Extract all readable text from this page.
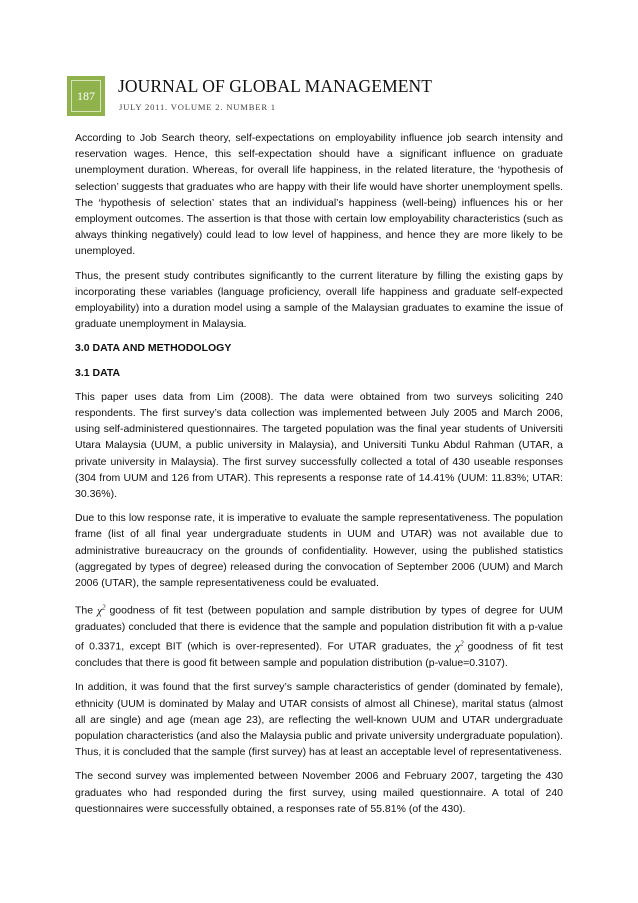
187	JOURNAL OF GLOBAL MANAGEMENT
JULY 2011. VOLUME 2. NUMBER 1

According to Job Search theory, self-expectations on employability influence job search intensity and reservation wages. Hence, this self-expectation should have a significant influence on graduate unemployment duration. Whereas, for overall life happiness, in the related literature, the ‘hypothesis of selection’ suggests that graduates who are happy with their life would have shorter unemployment spells. The ‘hypothesis of selection’ states that an individual’s happiness (well-being) influences his or her employment outcomes. The assertion is that those with certain low employability characteristics (such as always thinking negatively) could lead to low level of happiness, and hence they are more likely to be unemployed.

Thus, the present study contributes significantly to the current literature by filling the existing gaps by incorporating these variables (language proficiency, overall life happiness and graduate self-expected employability) into a duration model using a sample of the Malaysian graduates to examine the issue of graduate unemployment in Malaysia.

3.0 DATA AND METHODOLOGY
3.1 DATA

This paper uses data from Lim (2008). The data were obtained from two surveys soliciting 240 respondents. The first survey’s data collection was implemented between July 2005 and March 2006, using self-administered questionnaires. The targeted population was the final year students of Universiti Utara Malaysia (UUM, a public university in Malaysia), and Universiti Tunku Abdul Rahman (UTAR, a private university in Malaysia). The first survey successfully collected a total of 430 useable responses (304 from UUM and 126 from UTAR). This represents a response rate of 14.41% (UUM: 11.83%; UTAR: 30.36%).

Due to this low response rate, it is imperative to evaluate the sample representativeness. The population frame (list of all final year undergraduate students in UUM and UTAR) was not available due to administrative bureaucracy on the grounds of confidentiality. However, using the published statistics (aggregated by types of degree) released during the convocation of September 2006 (UUM) and March 2006 (UTAR), the sample representativeness could be evaluated.

The $\chi^2$ goodness of fit test (between population and sample distribution by types of degree for UUM graduates) concluded that there is evidence that the sample and population distribution fit with a p-value of 0.3371, except BIT (which is over-represented). For UTAR graduates, the $\chi^2$ goodness of fit test concludes that there is good fit between sample and population distribution (p-value=0.3107).

In addition, it was found that the first survey’s sample characteristics of gender (dominated by female), ethnicity (UUM is dominated by Malay and UTAR consists of almost all Chinese), marital status (almost all are single) and age (mean age 23), are reflecting the well-known UUM and UTAR undergraduate population characteristics (and also the Malaysia public and private university undergraduate population). Thus, it is concluded that the sample (first survey) has at least an acceptable level of representativeness.

The second survey was implemented between November 2006 and February 2007, targeting the 430 graduates who had responded during the first survey, using mailed questionnaire. A total of 240 questionnaires were successfully obtained, a responses rate of 55.81% (of the 430).
